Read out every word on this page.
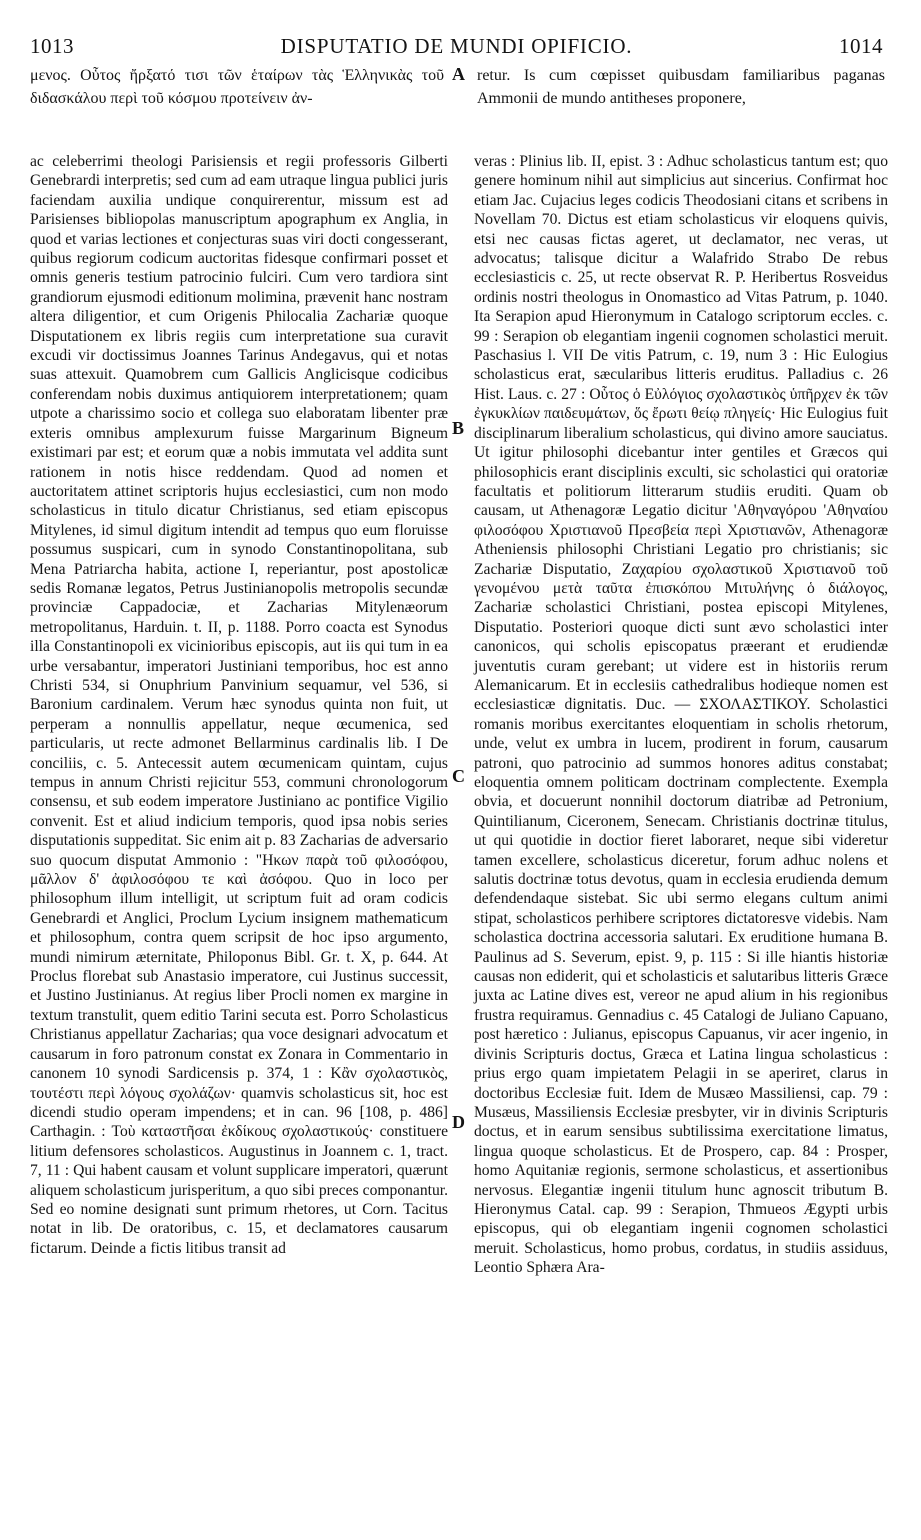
1013	DISPUTATIO DE MUNDI OPIFICIO.	1014
μενος. Οὗτος ἤρξατό τισι τῶν ἑταίρων τὰς Ἑλληνικὰς τοῦ διδασκάλου περὶ τοῦ κόσμου προτείνειν ἀν-
retur. Is cum cœpisset quibusdam familiaribus paganas Ammonii de mundo antitheses proponere,
A
B
C
D

ac celeberrimi theologi Parisiensis et regii professoris Gilberti Genebrardi interpretis; sed cum ad eam utraque lingua publici juris faciendam auxilia undique conquirerentur, missum est ad Parisienses bibliopolas manuscriptum apographum ex Anglia, in quod et varias lectiones et conjecturas suas viri docti congesserant, quibus regiorum codicum auctoritas fidesque confirmari posset et omnis generis testium patrocinio fulciri. Cum vero tardiora sint grandiorum ejusmodi editionum molimina, prævenit hanc nostram altera diligentior, et cum Origenis Philocalia Zachariæ quoque Disputationem ex libris regiis cum interpretatione sua curavit excudi vir doctissimus Joannes Tarinus Andegavus, qui et notas suas attexuit. Quamobrem cum Gallicis Anglicisque codicibus conferendam nobis duximus antiquiorem interpretationem; quam utpote a charissimo socio et collega suo elaboratam libenter præ exteris omnibus amplexurum fuisse Margarinum Bigneum existimari par est; et eorum quæ a nobis immutata vel addita sunt rationem in notis hisce reddendam. Quod ad nomen et auctoritatem attinet scriptoris hujus ecclesiastici, cum non modo scholasticus in titulo dicatur Christianus, sed etiam episcopus Mitylenes, id simul digitum intendit ad tempus quo eum floruisse possumus suspicari, cum in synodo Constantinopolitana, sub Mena Patriarcha habita, actione I, reperiantur, post apostolicæ sedis Romanæ legatos, Petrus Justinianopolis metropolis secundæ provinciæ Cappadociæ, et Zacharias Mitylenæorum metropolitanus, Harduin. t. II, p. 1188. Porro coacta est Synodus illa Constantinopoli ex vicinioribus episcopis, aut iis qui tum in ea urbe versabantur, imperatori Justiniani temporibus, hoc est anno Christi 534, si Onuphrium Panvinium sequamur, vel 536, si Baronium cardinalem. Verum hæc synodus quinta non fuit, ut perperam a nonnullis appellatur, neque œcumenica, sed particularis, ut recte admonet Bellarminus cardinalis lib. I De conciliis, c. 5. Antecessit autem œcumenicam quintam, cujus tempus in annum Christi rejicitur 553, communi chronologorum consensu, et sub eodem imperatore Justiniano ac pontifice Vigilio convenit. Est et aliud indicium temporis, quod ipsa nobis series disputationis suppeditat. Sic enim ait p. 83 Zacharias de adversario suo quocum disputat Ammonio : "Ηκων παρὰ τοῦ φιλοσόφου, μᾶλλον δ' ἀφιλοσόφου τε καὶ ἀσόφου. Quo in loco per philosophum illum intelligit, ut scriptum fuit ad oram codicis Genebrardi et Anglici, Proclum Lycium insignem mathematicum et philosophum, contra quem scripsit de hoc ipso argumento, mundi nimirum æternitate, Philoponus Bibl. Gr. t. X, p. 644. At Proclus florebat sub Anastasio imperatore, cui Justinus successit, et Justino Justinianus. At regius liber Procli nomen ex margine in textum transtulit, quem editio Tarini secuta est. Porro Scholasticus Christianus appellatur Zacharias; qua voce designari advocatum et causarum in foro patronum constat ex Zonara in Commentario in canonem 10 synodi Sardicensis p. 374, 1 : Κἂν σχολαστικὸς, τουτέστι περὶ λόγους σχολάζων· quamvis scholasticus sit, hoc est dicendi studio operam impendens; et in can. 96 [108, p. 486] Carthagin. : Τοὺ καταστῆσαι ἐκδίκους σχολαστικούς· constituere litium defensores scholasticos. Augustinus in Joannem c. 1, tract. 7, 11 : Qui habent causam et volunt supplicare imperatori, quærunt aliquem scholasticum jurisperitum, a quo sibi preces componantur. Sed eo nomine designati sunt primum rhetores, ut Corn. Tacitus notat in lib. De oratoribus, c. 15, et declamatores causarum fictarum. Deinde a fictis litibus transit ad

veras : Plinius lib. II, epist. 3 : Adhuc scholasticus tantum est; quo genere hominum nihil aut simplicius aut sincerius. Confirmat hoc etiam Jac. Cujacius leges codicis Theodosiani citans et scribens in Novellam 70. Dictus est etiam scholasticus vir eloquens quivis, etsi nec causas fictas ageret, ut declamator, nec veras, ut advocatus; talisque dicitur a Walafrido Strabo De rebus ecclesiasticis c. 25, ut recte observat R. P. Heribertus Rosveidus ordinis nostri theologus in Onomastico ad Vitas Patrum, p. 1040. Ita Serapion apud Hieronymum in Catalogo scriptorum eccles. c. 99 : Serapion ob elegantiam ingenii cognomen scholastici meruit. Paschasius l. VII De vitis Patrum, c. 19, num 3 : Hic Eulogius scholasticus erat, sæcularibus litteris eruditus. Palladius c. 26 Hist. Laus. c. 27 : Οὗτος ὁ Εὐλόγιος σχολαστικὸς ὑπῆρχεν ἐκ τῶν ἐγκυκλίων παιδευμάτων, ὅς ἔρωτι θείῳ πληγείς· Hic Eulogius fuit disciplinarum liberalium scholasticus, qui divino amore sauciatus. Ut igitur philosophi dicebantur inter gentiles et Græcos qui philosophicis erant disciplinis exculti, sic scholastici qui oratoriæ facultatis et politiorum litterarum studiis eruditi. Quam ob causam, ut Athenagoræ Legatio dicitur 'Αθηναγόρου 'Αθηναίου φιλοσόφου Χριστιανοῦ Πρεσβεία περὶ Χριστιανῶν, Athenagoræ Atheniensis philosophi Christiani Legatio pro christianis; sic Zachariæ Disputatio, Ζαχαρίου σχολαστικοῦ Χριστιανοῦ τοῦ γενομένου μετὰ ταῦτα ἐπισκόπου Μιτυλήνης ὁ διάλογος, Zachariæ scholastici Christiani, postea episcopi Mitylenes, Disputatio. Posteriori quoque dicti sunt ævo scholastici inter canonicos, qui scholis episcopatus præerant et erudiendæ juventutis curam gerebant; ut videre est in historiis rerum Alemanicarum. Et in ecclesiis cathedralibus hodieque nomen est ecclesiasticæ dignitatis. Duc. — ΣΧΟΛΑΣΤΙΚΟΥ. Scholastici romanis moribus exercitantes eloquentiam in scholis rhetorum, unde, velut ex umbra in lucem, prodirent in forum, causarum patroni, quo patrocinio ad summos honores aditus constabat; eloquentia omnem politicam doctrinam complectente. Exempla obvia, et docuerunt nonnihil doctorum diatribæ ad Petronium, Quintilianum, Ciceronem, Senecam. Christianis doctrinæ titulus, ut qui quotidie in doctior fieret laboraret, neque sibi videretur tamen excellere, scholasticus diceretur, forum adhuc nolens et salutis doctrinæ totus devotus, quam in ecclesia erudienda demum defendendaque sistebat. Sic ubi sermo elegans cultum animi stipat, scholasticos perhibere scriptores dictatoresve videbis. Nam scholastica doctrina accessoria salutari. Ex eruditione humana B. Paulinus ad S. Severum, epist. 9, p. 115 : Si ille hiantis historiæ causas non ediderit, qui et scholasticis et salutaribus litteris Græce juxta ac Latine dives est, vereor ne apud alium in his regionibus frustra requiramus. Gennadius c. 45 Catalogi de Juliano Capuano, post hæretico : Julianus, episcopus Capuanus, vir acer ingenio, in divinis Scripturis doctus, Græca et Latina lingua scholasticus : prius ergo quam impietatem Pelagii in se aperiret, clarus in doctoribus Ecclesiæ fuit. Idem de Musæo Massiliensi, cap. 79 : Musæus, Massiliensis Ecclesiæ presbyter, vir in divinis Scripturis doctus, et in earum sensibus subtilissima exercitatione limatus, lingua quoque scholasticus. Et de Prospero, cap. 84 : Prosper, homo Aquitaniæ regionis, sermone scholasticus, et assertionibus nervosus. Elegantiæ ingenii titulum hunc agnoscit tributum B. Hieronymus Catal. cap. 99 : Serapion, Thmueos Ægypti urbis episcopus, qui ob elegantiam ingenii cognomen scholastici meruit. Scholasticus, homo probus, cordatus, in studiis assiduus, Leontio Sphæra Ara-
